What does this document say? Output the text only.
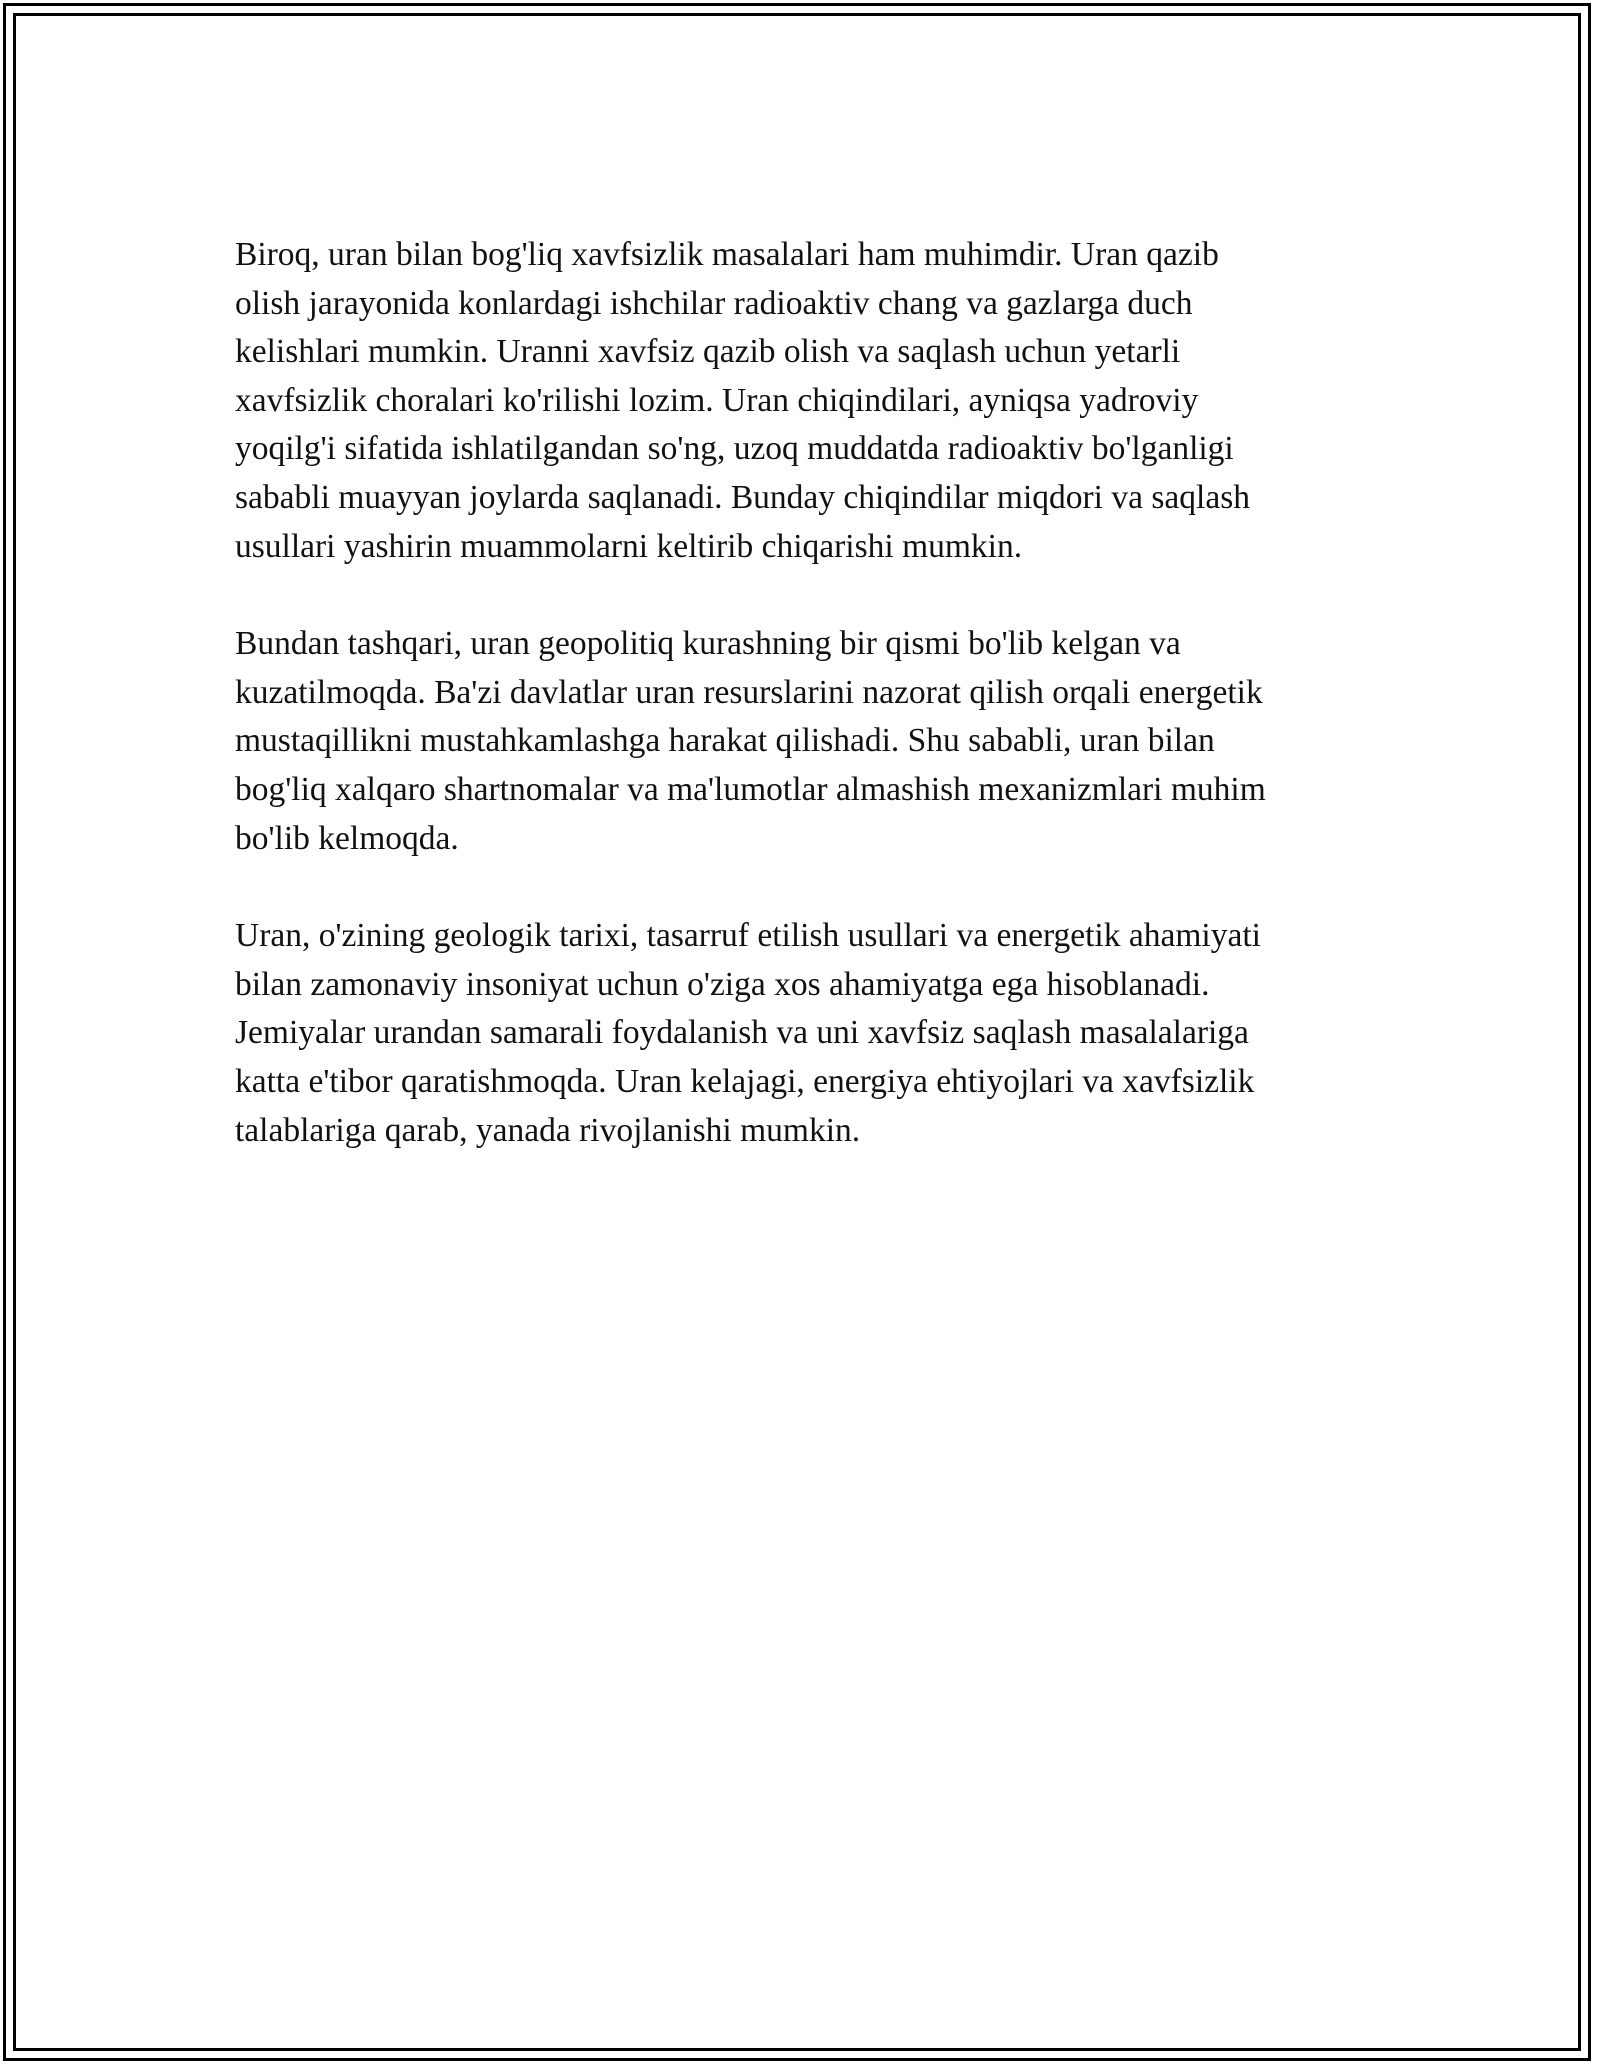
Biroq, uran bilan bog'liq xavfsizlik masalalari ham muhimdir. Uran qazib
olish jarayonida konlardagi ishchilar radioaktiv chang va gazlarga duch
kelishlari mumkin. Uranni xavfsiz qazib olish va saqlash uchun yetarli
xavfsizlik choralari ko'rilishi lozim. Uran chiqindilari, ayniqsa yadroviy
yoqilg'i sifatida ishlatilgandan so'ng, uzoq muddatda radioaktiv bo'lganligi
sababli muayyan joylarda saqlanadi. Bunday chiqindilar miqdori va saqlash
usullari yashirin muammolarni keltirib chiqarishi mumkin.

Bundan tashqari, uran geopolitiq kurashning bir qismi bo'lib kelgan va
kuzatilmoqda. Ba'zi davlatlar uran resurslarini nazorat qilish orqali energetik
mustaqillikni mustahkamlashga harakat qilishadi. Shu sababli, uran bilan
bog'liq xalqaro shartnomalar va ma'lumotlar almashish mexanizmlari muhim
bo'lib kelmoqda.

Uran, o'zining geologik tarixi, tasarruf etilish usullari va energetik ahamiyati
bilan zamonaviy insoniyat uchun o'ziga xos ahamiyatga ega hisoblanadi.
Jemiyalar urandan samarali foydalanish va uni xavfsiz saqlash masalalariga
katta e'tibor qaratishmoqda. Uran kelajagi, energiya ehtiyojlari va xavfsizlik
talablariga qarab, yanada rivojlanishi mumkin.
